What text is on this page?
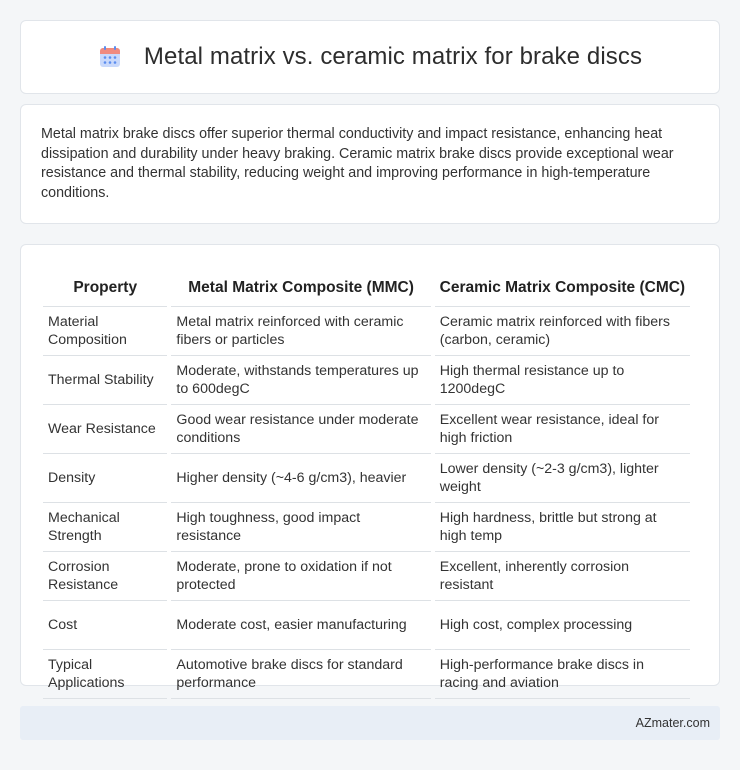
Metal matrix vs. ceramic matrix for brake discs

Metal matrix brake discs offer superior thermal conductivity and impact resistance, enhancing heat dissipation and durability under heavy braking. Ceramic matrix brake discs provide exceptional wear resistance and thermal stability, reducing weight and improving performance in high-temperature conditions.

Property	Metal Matrix Composite (MMC)	Ceramic Matrix Composite (CMC)
Material Composition	Metal matrix reinforced with ceramic fibers or particles	Ceramic matrix reinforced with fibers (carbon, ceramic)
Thermal Stability	Moderate, withstands temperatures up to 600degC	High thermal resistance up to 1200degC
Wear Resistance	Good wear resistance under moderate conditions	Excellent wear resistance, ideal for high friction
Density	Higher density (~4-6 g/cm3), heavier	Lower density (~2-3 g/cm3), lighter weight
Mechanical Strength	High toughness, good impact resistance	High hardness, brittle but strong at high temp
Corrosion Resistance	Moderate, prone to oxidation if not protected	Excellent, inherently corrosion resistant
Cost	Moderate cost, easier manufacturing	High cost, complex processing
Typical Applications	Automotive brake discs for standard performance	High-performance brake discs in racing and aviation
AZmater.com
